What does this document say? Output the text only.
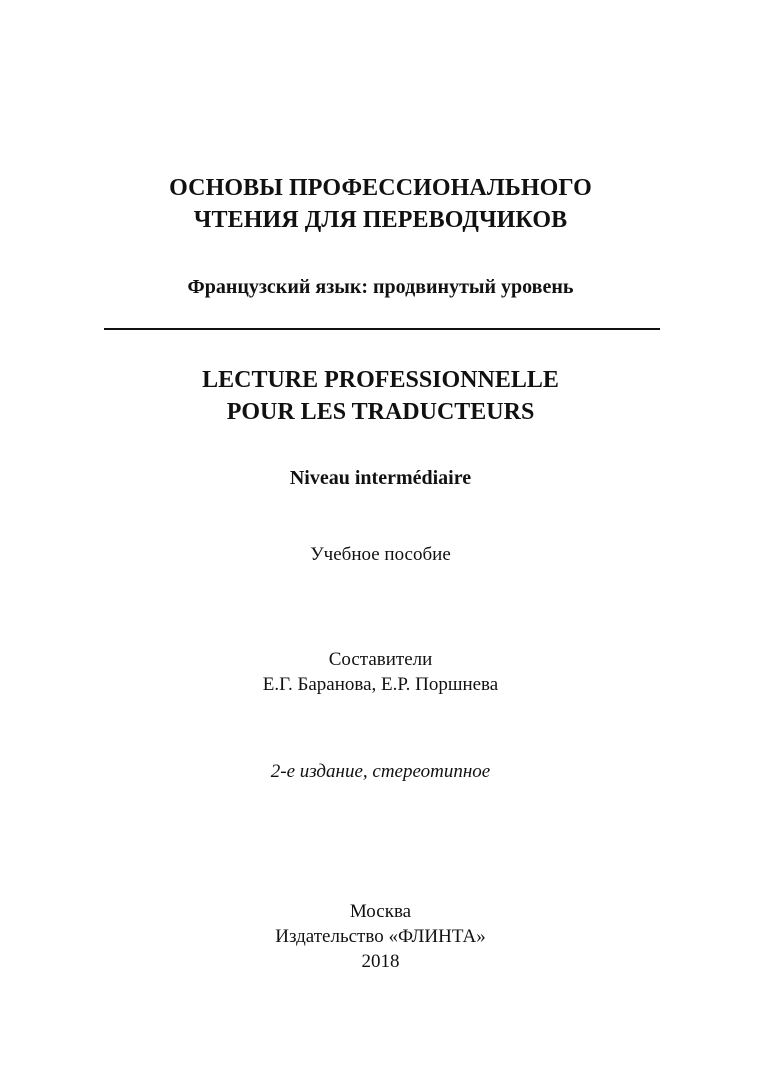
ОСНОВЫ ПРОФЕССИОНАЛЬНОГО
ЧТЕНИЯ ДЛЯ ПЕРЕВОДЧИКОВ
Французский язык: продвинутый уровень
LECTURE PROFESSIONNELLE
POUR LES TRADUCTEURS
Niveau intermédiaire
Учебное пособие
Составители
Е.Г. Баранова, Е.Р. Поршнева
2-е издание, стереотипное
Москва
Издательство «ФЛИНТА»
2018
